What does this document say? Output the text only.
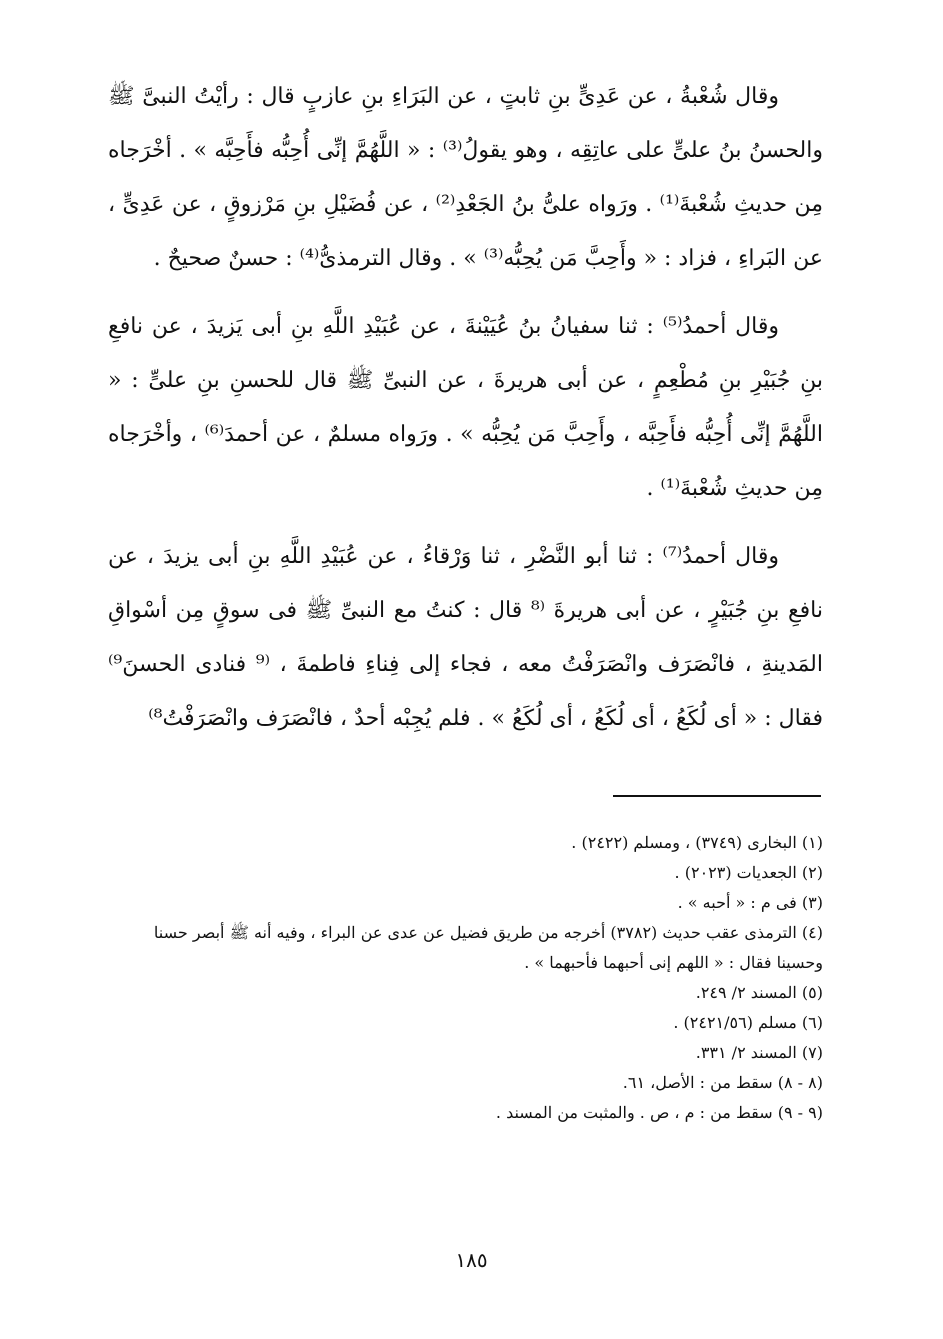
وقال شُعْبةُ ، عن عَدِىٍّ بنِ ثابتٍ ، عن البَرَاءِ بنِ عازبٍ قال : رأيْتُ النبىَّ ﷺ والحسنُ بنُ علىٍّ على عاتِقِه ، وهو يقولُ⁽³⁾ : « اللَّهُمَّ إنِّى أُحِبُّه فأَحِبَّه » . أخْرَجاه مِن حديثِ شُعْبةَ⁽¹⁾ . ورَواه علىُّ بنُ الجَعْدِ⁽²⁾ ، عن فُضَيْلِ بنِ مَرْزوقٍ ، عن عَدِىٍّ ، عن البَراءِ ، فزاد : « وأَحِبَّ مَن يُحِبُّه⁽³⁾ » . وقال الترمذىُّ⁽⁴⁾ : حسنٌ صحيحٌ .

وقال أحمدُ⁽⁵⁾ : ثنا سفيانُ بنُ عُيَيْنةَ ، عن عُبَيْدِ اللَّهِ بنِ أبى يَزيدَ ، عن نافعِ بنِ جُبَيْرِ بنِ مُطْعِمٍ ، عن أبى هريرةَ ، عن النبىِّ ﷺ قال للحسنِ بنِ علىٍّ : « اللَّهُمَّ إنِّى أُحِبُّه فأَحِبَّه ، وأَحِبَّ مَن يُحِبُّه » . ورَواه مسلمٌ ، عن أحمدَ⁽⁶⁾ ، وأخْرَجاه مِن حديثِ شُعْبةَ⁽¹⁾ .

وقال أحمدُ⁽⁷⁾ : ثنا أبو النَّضْرِ ، ثنا وَرْقاءُ ، عن عُبَيْدِ اللَّهِ بنِ أبى يزيدَ ، عن نافعِ بنِ جُبَيْرٍ ، عن أبى هريرةَ ⁽⁸ قال : كنتُ مع النبىِّ ﷺ فى سوقٍ مِن أسْواقِ المَدينةِ ، فانْصَرَف وانْصَرَفْتُ معه ، فجاء إلى فِناءِ فاطمةَ ، ⁽⁹ فنادى الحسنَ⁹⁾ فقال : « أى لُكَعُ ، أى لُكَعُ ، أى لُكَعُ » . فلم يُجِبْه أحدٌ ، فانْصَرَف وانْصَرَفْتُ⁸⁾

(١) البخارى (٣٧٤٩) ، ومسلم (٢٤٢٢) .

(٢) الجعديات (٢٠٢٣) .

(٣) فى م : « أحبه » .

(٤) الترمذى عقب حديث (٣٧٨٢) أخرجه من طريق فضيل عن عدى عن البراء ، وفيه أنه ﷺ أبصر حسنا وحسينا فقال : « اللهم إنى أحبهما فأحبهما » .

(٥) المسند ٢/ ٢٤٩.

(٦) مسلم (٢٤٢١/٥٦) .

(٧) المسند ٢/ ٣٣١.

(٨ - ٨) سقط من : الأصل، ٦١.

(٩ - ٩) سقط من : م ، ص . والمثبت من المسند .

١٨٥
